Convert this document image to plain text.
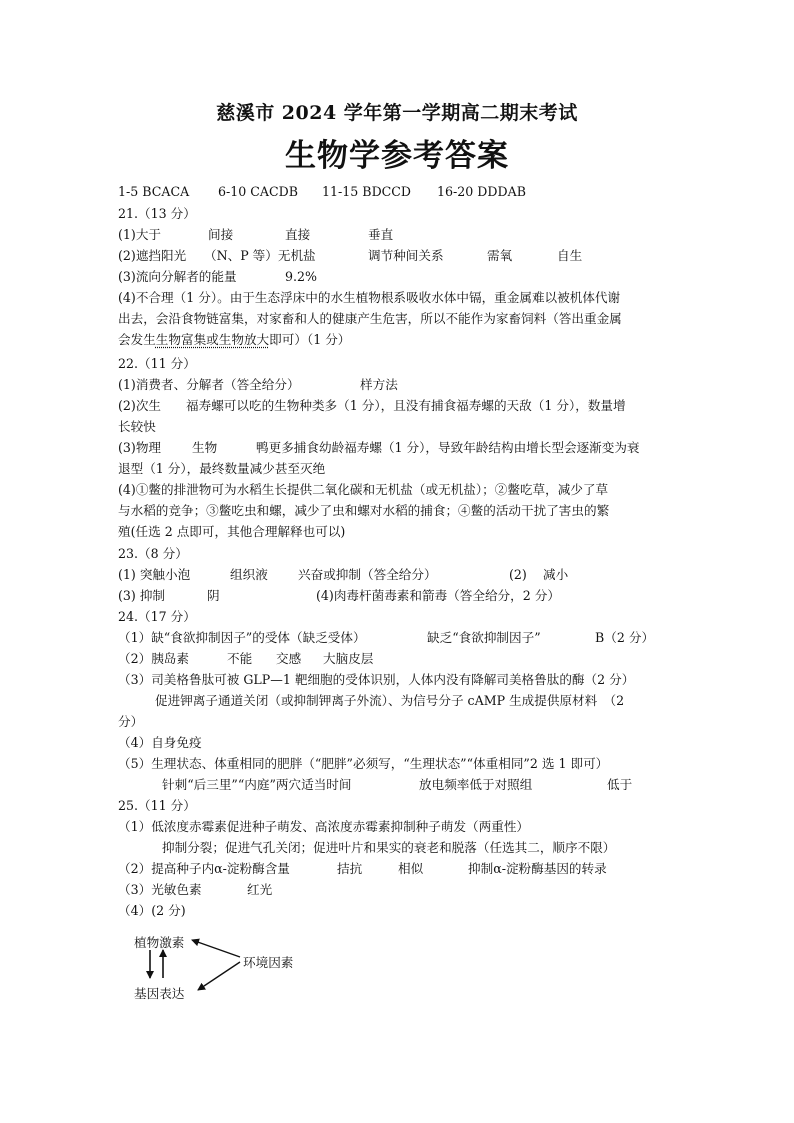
慈溪市 2024 学年第一学期高二期末考试
生物学参考答案
1-5 BCACA 6-10 CACDB 11-15 BDCCD 16-20 DDDAB
21.（13 分）
(1)大于	间接	直接	垂直
(2)遮挡阳光 （N、P 等）无机盐	调节种间关系	需氧	自生
(3)流向分解者的能量	9.2%
(4)不合理（1 分）。由于生态浮床中的水生植物根系吸收水体中镉，重金属难以被机体代谢
出去，会沿食物链富集，对家畜和人的健康产生危害，所以不能作为家畜饲料（答出重金属
会发生生物富集或生物放大即可）（1 分）
22.（11 分）
(1)消费者、分解者（答全给分）	样方法
(2)次生 福寿螺可以吃的生物种类多（1 分），且没有捕食福寿螺的天敌（1 分），数量增
长较快
(3)物理 生物	鸭更多捕食幼龄福寿螺（1 分），导致年龄结构由增长型会逐渐变为衰
退型（1 分），最终数量减少甚至灭绝
(4)①鳖的排泄物可为水稻生长提供二氧化碳和无机盐（或无机盐）；②鳖吃草，减少了草
与水稻的竞争；③鳖吃虫和螺，减少了虫和螺对水稻的捕食；④鳖的活动干扰了害虫的繁
殖(任选 2 点即可，其他合理解释也可以)
23.（8 分）
(1) 突触小泡	组织液 兴奋或抑制（答全给分）	(2) 减小
(3) 抑制	阴	(4)肉毒杆菌毒素和箭毒（答全给分，2 分）
24.（17 分）
（1）缺“食欲抑制因子”的受体（缺乏受体）	缺乏“食欲抑制因子”	B（2 分）
（2）胰岛素	不能 交感 大脑皮层
（3）司美格鲁肽可被 GLP—1 靶细胞的受体识别，人体内没有降解司美格鲁肽的酶（2 分）
促进钾离子通道关闭（或抑制钾离子外流）、为信号分子 cAMP 生成提供原材料　（2
分）
（4）自身免疫
（5）生理状态、体重相同的肥胖（“肥胖”必须写，“生理状态”“体重相同”2 选 1 即可）
针刺“后三里”“内庭”两穴适当时间	放电频率低于对照组	低于
25.（11 分）
（1）低浓度赤霉素促进种子萌发、高浓度赤霉素抑制种子萌发（两重性）
抑制分裂；促进气孔关闭；促进叶片和果实的衰老和脱落（任选其二，顺序不限）
（2）提高种子内α-淀粉酶含量	拮抗	相似	抑制α-淀粉酶基因的转录
（3）光敏色素	红光
（4）(2 分)
植物激素
环境因素
基因表达
